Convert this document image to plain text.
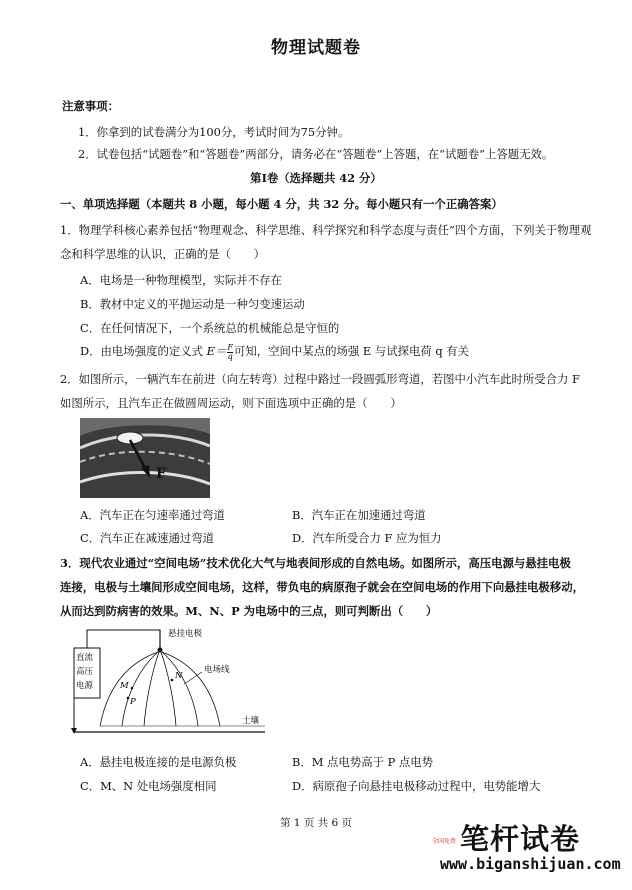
物理试题卷
注意事项：
1．你拿到的试卷满分为100分，考试时间为75分钟。
2．试卷包括“试题卷”和“答题卷”两部分，请务必在“答题卷”上答题，在“试题卷”上答题无效。
第Ⅰ卷（选择题共 42 分）
一、单项选择题（本题共 8 小题，每小题 4 分，共 32 分。每小题只有一个正确答案）
1．物理学科核心素养包括“物理观念、科学思维、科学探究和科学态度与责任”四个方面，下列关于物理观
念和科学思维的认识，正确的是（　　）
A．电场是一种物理模型，实际并不存在
B．教材中定义的平抛运动是一种匀变速运动
C．在任何情况下，一个系统总的机械能总是守恒的
D．由电场强度的定义式 $E= \frac{F}{q}$ 可知，空间中某点的场强 E 与试探电荷 q 有关
2．如图所示，一辆汽车在前进（向左转弯）过程中路过一段圆弧形弯道，若图中小汽车此时所受合力 F
如图所示，且汽车正在做圆周运动，则下面选项中正确的是（　　）
F
A．汽车正在匀速率通过弯道	B．汽车正在加速通过弯道
C．汽车正在减速通过弯道	D．汽车所受合力 F 应为恒力
3．现代农业通过“空间电场”技术优化大气与地表间形成的自然电场。如图所示，高压电源与悬挂电极
连接，电极与土壤间形成空间电场，这样，带负电的病原孢子就会在空间电场的作用下向悬挂电极移动，
从而达到防病害的效果。M、N、P 为电场中的三点，则可判断出（　　）
直流
高压
电源
悬挂电极
电场线
M
P
N
土壤
A．悬挂电极连接的是电源负极	B．M 点电势高于 P 点电势
C．M、N 处电场强度相同	D．病原孢子向悬挂电极移动过程中，电势能增大
第 1 页 共 6 页	笔杆试卷
全国免费
www.biganshijuan.com
